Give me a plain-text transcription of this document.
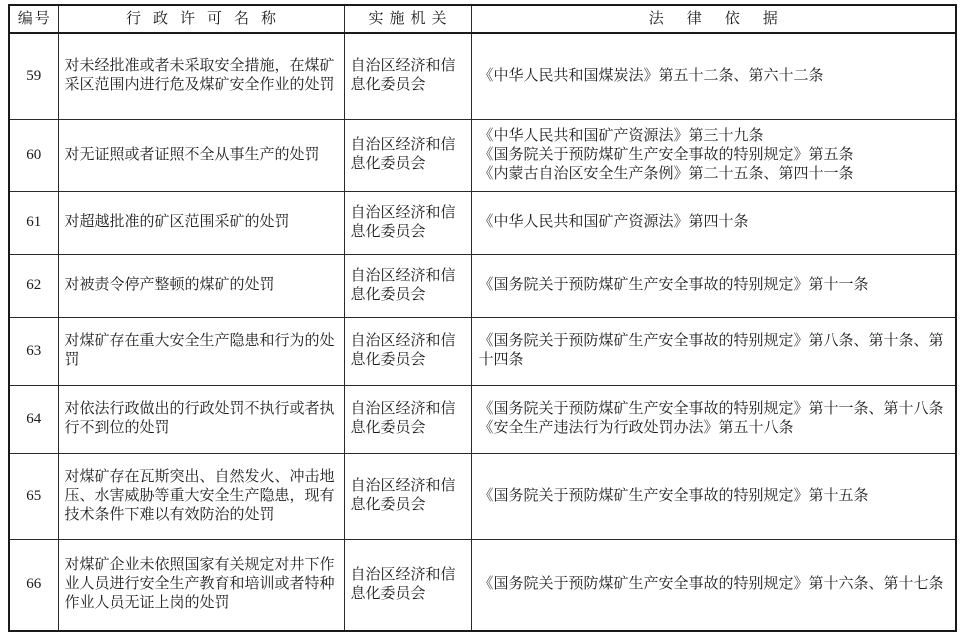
编号	行政许可名称	实施机关	法律依据
59	对未经批准或者未采取安全措施，在煤矿采区范围内进行危及煤矿安全作业的处罚	自治区经济和信息化委员会	《中华人民共和国煤炭法》第五十二条、第六十二条

60	对无证照或者证照不全从事生产的处罚	自治区经济和信息化委员会	《中华人民共和国矿产资源法》第三十九条
《国务院关于预防煤矿生产安全事故的特别规定》第五条
《内蒙古自治区安全生产条例》第二十五条、第四十一条

61	对超越批准的矿区范围采矿的处罚	自治区经济和信息化委员会	《中华人民共和国矿产资源法》第四十条

62	对被责令停产整顿的煤矿的处罚	自治区经济和信息化委员会	《国务院关于预防煤矿生产安全事故的特别规定》第十一条

63	对煤矿存在重大安全生产隐患和行为的处罚	自治区经济和信息化委员会	《国务院关于预防煤矿生产安全事故的特别规定》第八条、第十条、第十四条

64	对依法行政做出的行政处罚不执行或者执行不到位的处罚	自治区经济和信息化委员会	《国务院关于预防煤矿生产安全事故的特别规定》第十一条、第十八条
《安全生产违法行为行政处罚办法》第五十八条

65	对煤矿存在瓦斯突出、自然发火、冲击地压、水害威胁等重大安全生产隐患，现有技术条件下难以有效防治的处罚	自治区经济和信息化委员会	《国务院关于预防煤矿生产安全事故的特别规定》第十五条

66	对煤矿企业未依照国家有关规定对井下作业人员进行安全生产教育和培训或者特种作业人员无证上岗的处罚	自治区经济和信息化委员会	《国务院关于预防煤矿生产安全事故的特别规定》第十六条、第十七条
